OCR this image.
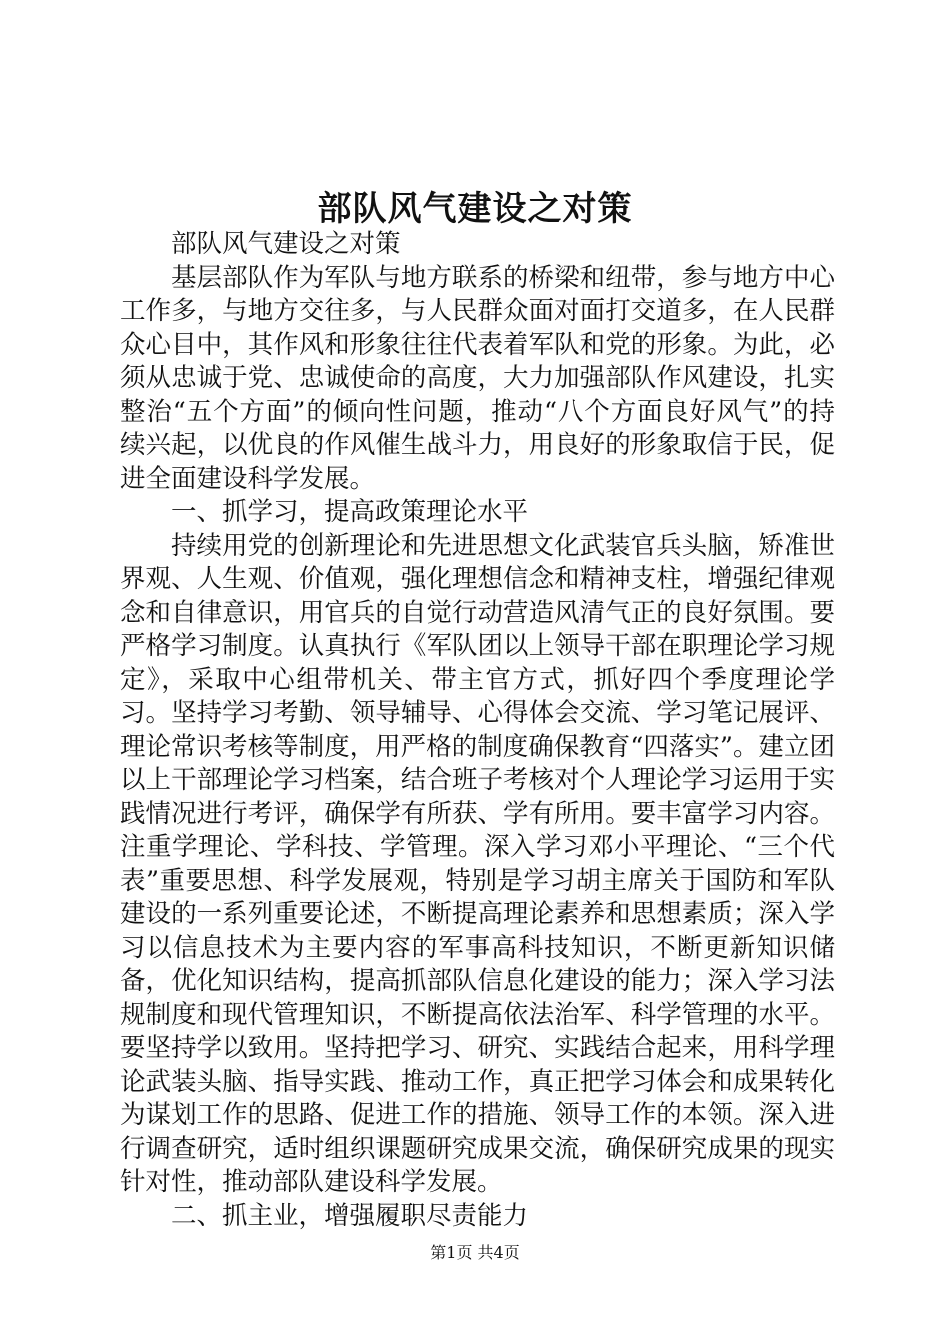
部队风气建设之对策

部队风气建设之对策

基层部队作为军队与地方联系的桥梁和纽带，参与地方中心工作多，与地方交往多，与人民群众面对面打交道多，在人民群众心目中，其作风和形象往往代表着军队和党的形象。为此，必须从忠诚于党、忠诚使命的高度，大力加强部队作风建设，扎实整治“五个方面”的倾向性问题，推动“八个方面良好风气”的持续兴起，以优良的作风催生战斗力，用良好的形象取信于民，促进全面建设科学发展。

一、抓学习，提高政策理论水平

持续用党的创新理论和先进思想文化武装官兵头脑，矫准世界观、人生观、价值观，强化理想信念和精神支柱，增强纪律观念和自律意识，用官兵的自觉行动营造风清气正的良好氛围。要严格学习制度。认真执行《军队团以上领导干部在职理论学习规定》，采取中心组带机关、带主官方式，抓好四个季度理论学习。坚持学习考勤、领导辅导、心得体会交流、学习笔记展评、理论常识考核等制度，用严格的制度确保教育“四落实”。建立团以上干部理论学习档案，结合班子考核对个人理论学习运用于实践情况进行考评，确保学有所获、学有所用。要丰富学习内容。注重学理论、学科技、学管理。深入学习邓小平理论、“三个代表”重要思想、科学发展观，特别是学习胡主席关于国防和军队建设的一系列重要论述，不断提高理论素养和思想素质；深入学习以信息技术为主要内容的军事高科技知识，不断更新知识储备，优化知识结构，提高抓部队信息化建设的能力；深入学习法规制度和现代管理知识，不断提高依法治军、科学管理的水平。要坚持学以致用。坚持把学习、研究、实践结合起来，用科学理论武装头脑、指导实践、推动工作，真正把学习体会和成果转化为谋划工作的思路、促进工作的措施、领导工作的本领。深入进行调查研究，适时组织课题研究成果交流，确保研究成果的现实针对性，推动部队建设科学发展。

二、抓主业，增强履职尽责能力

第1页 共4页
